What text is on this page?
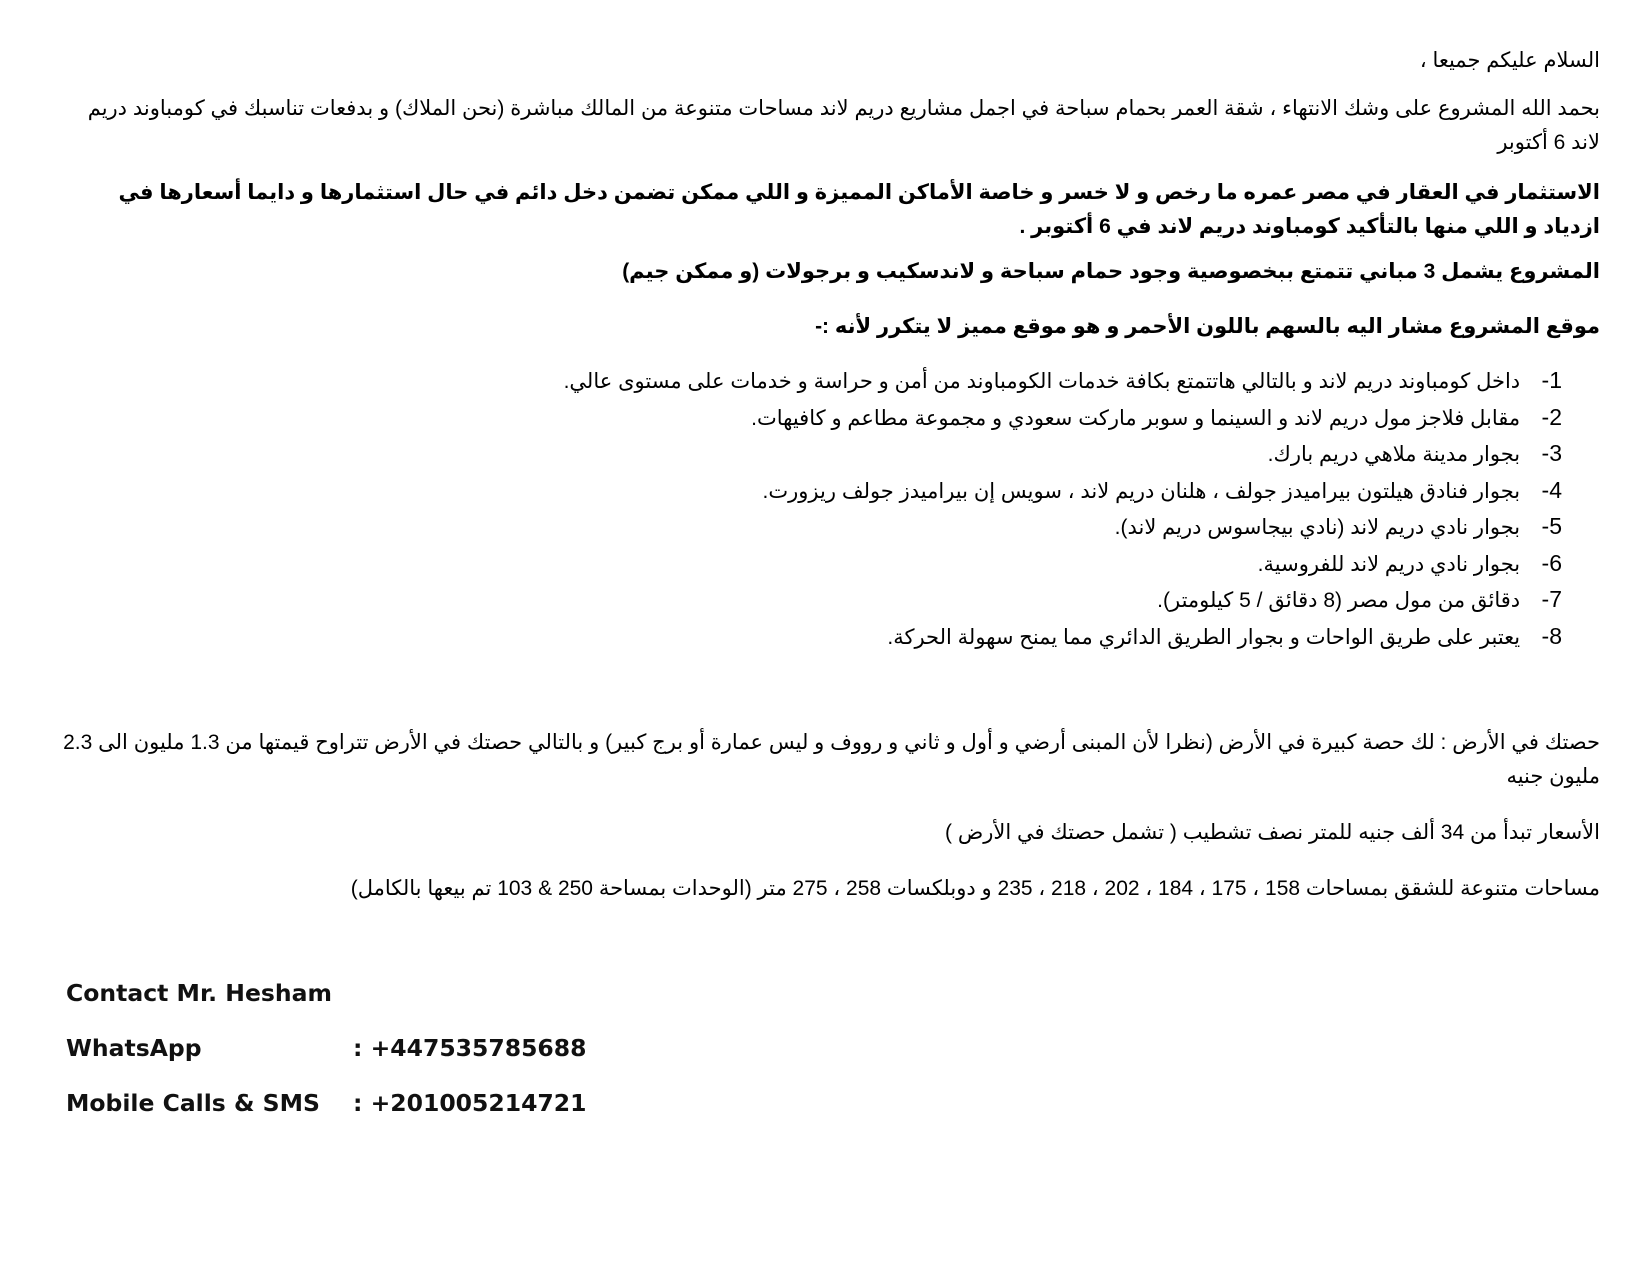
السلام عليكم جميعا ،
بحمد الله المشروع على وشك الانتهاء ، شقة العمر بحمام سباحة في اجمل مشاريع دريم لاند مساحات متنوعة من المالك مباشرة (نحن الملاك) و بدفعات تناسبك في كومباوند دريم لاند 6 أكتوبر
الاستثمار في العقار في مصر عمره ما رخص و لا خسر و خاصة الأماكن المميزة و اللي ممكن تضمن دخل دائم في حال استثمارها و دايما أسعارها في ازدياد و اللي منها بالتأكيد كومباوند دريم لاند في 6 أكتوبر .
المشروع يشمل 3 مباني تتمتع ببخصوصية وجود حمام سباحة و لاندسكيب و برجولات (و ممكن جيم)
موقع المشروع مشار اليه بالسهم باللون الأحمر و هو موقع مميز لا يتكرر لأنه :-
1- داخل كومباوند دريم لاند و بالتالي هاتتمتع بكافة خدمات الكومباوند من أمن و حراسة و خدمات على مستوى عالي.
2- مقابل فلاجز مول دريم لاند و السينما و سوبر ماركت سعودي و مجموعة مطاعم و كافيهات.
3- بجوار مدينة ملاهي دريم بارك.
4- بجوار فنادق هيلتون بيراميدز جولف ، هلنان دريم لاند ، سويس إن بيراميدز جولف ريزورت.
5- بجوار نادي دريم لاند (نادي بيجاسوس دريم لاند).
6- بجوار نادي دريم لاند للفروسية.
7- دقائق من مول مصر (8 دقائق / 5 كيلومتر).
8- يعتبر على طريق الواحات و بجوار الطريق الدائري مما يمنح سهولة الحركة.
حصتك في الأرض : لك حصة كبيرة في الأرض (نظرا لأن المبنى أرضي و أول و ثاني و رووف و ليس عمارة أو برج كبير) و بالتالي حصتك في الأرض تتراوح قيمتها من 1.3 مليون الى 2.3 مليون جنيه
الأسعار تبدأ من 34 ألف جنيه للمتر نصف تشطيب ( تشمل حصتك في الأرض )
مساحات متنوعة للشقق بمساحات 158 ، 175 ، 184 ، 202 ، 218 ، 235 و دوبلكسات 258 ، 275 متر (الوحدات بمساحة 250 & 103 تم بيعها بالكامل)
Contact Mr. Hesham
WhatsApp	: +447535785688
Mobile Calls & SMS : +201005214721
